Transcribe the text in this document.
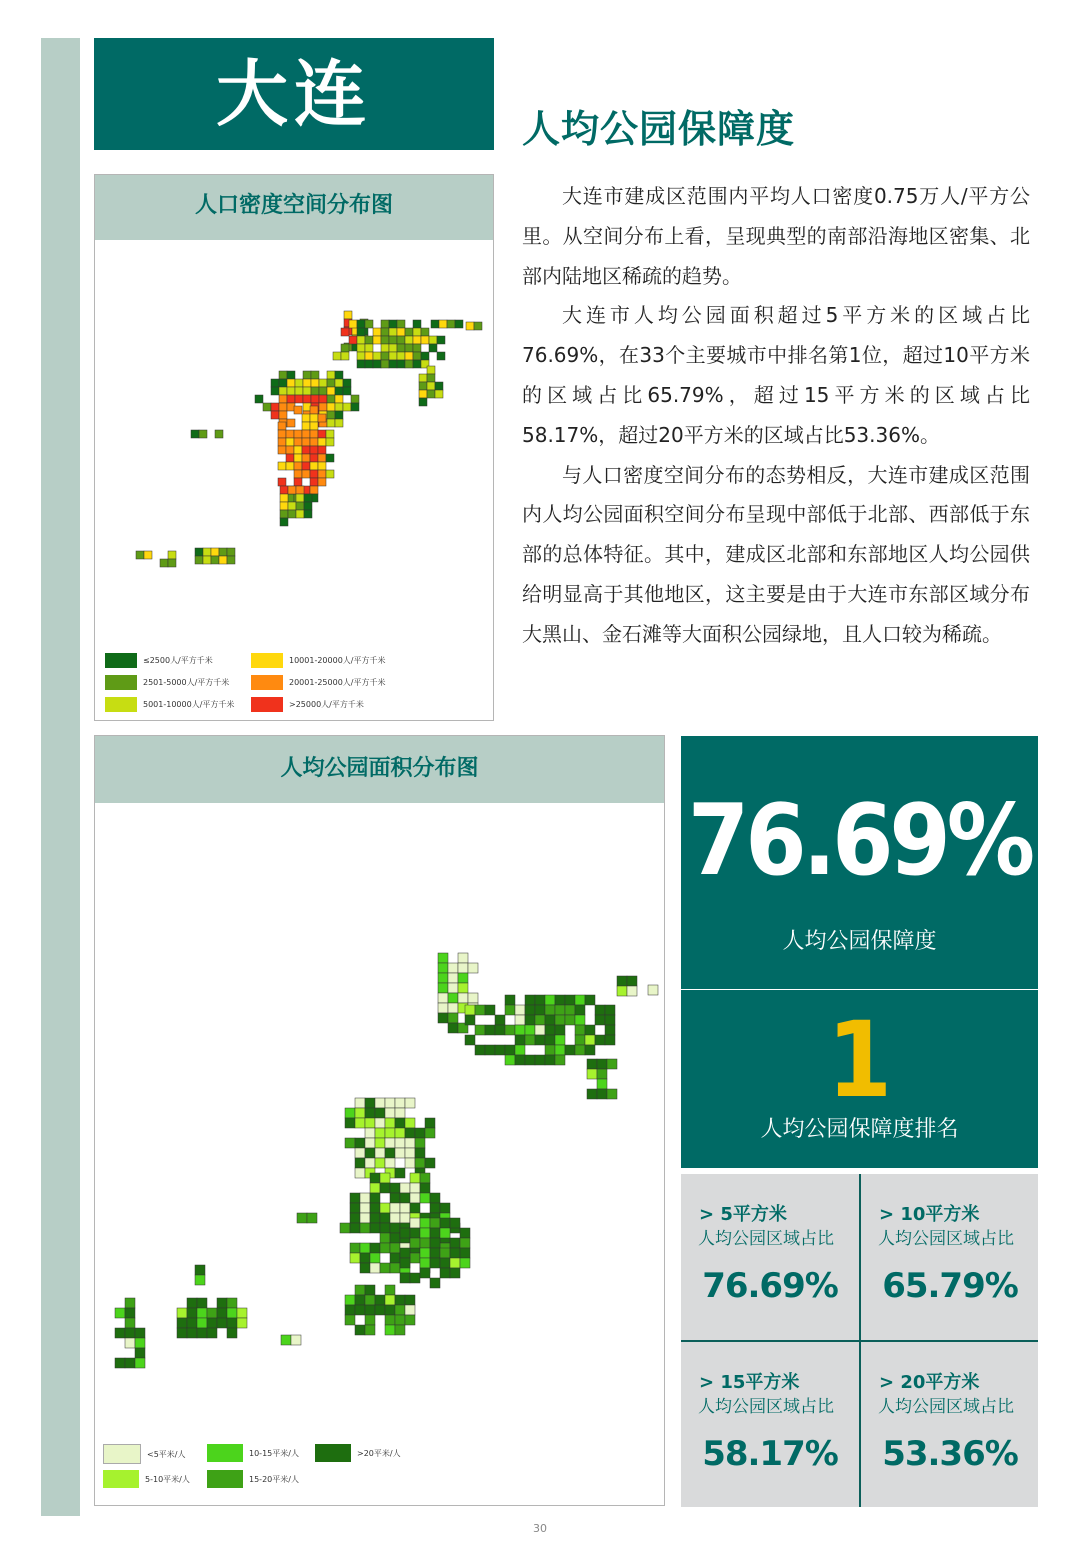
大连	人均公园保障度

大连市建成区范围内平均人口密度0.75万人/平方公里。从空间分布上看，呈现典型的南部沿海地区密集、北部内陆地区稀疏的趋势。

大连市人均公园面积超过5平方米的区域占比76.69%，在33个主要城市中排名第1位，超过10平方米的区域占比65.79%，超过15平方米的区域占比58.17%，超过20平方米的区域占比53.36%。

与人口密度空间分布的态势相反，大连市建成区范围内人均公园面积空间分布呈现中部低于北部、西部低于东部的总体特征。其中，建成区北部和东部地区人均公园供给明显高于其他地区，这主要是由于大连市东部区域分布大黑山、金石滩等大面积公园绿地，且人口较为稀疏。

人口密度空间分布图
≤2500人/平方千米
2501-5000人/平方千米
5001-10000人/平方千米
10001-20000人/平方千米
20001-25000人/平方千米
>25000人/平方千米
人均公园面积分布图
<5平米/人	10-15平米/人	>20平米/人
5-10平米/人	15-20平米/人
76.69%
人均公园保障度
1
人均公园保障度排名
> 5平方米
人均公园区域占比
76.69%
> 10平方米
人均公园区域占比
65.79%
> 15平方米
人均公园区域占比
58.17%
> 20平方米
人均公园区域占比
53.36%
30
